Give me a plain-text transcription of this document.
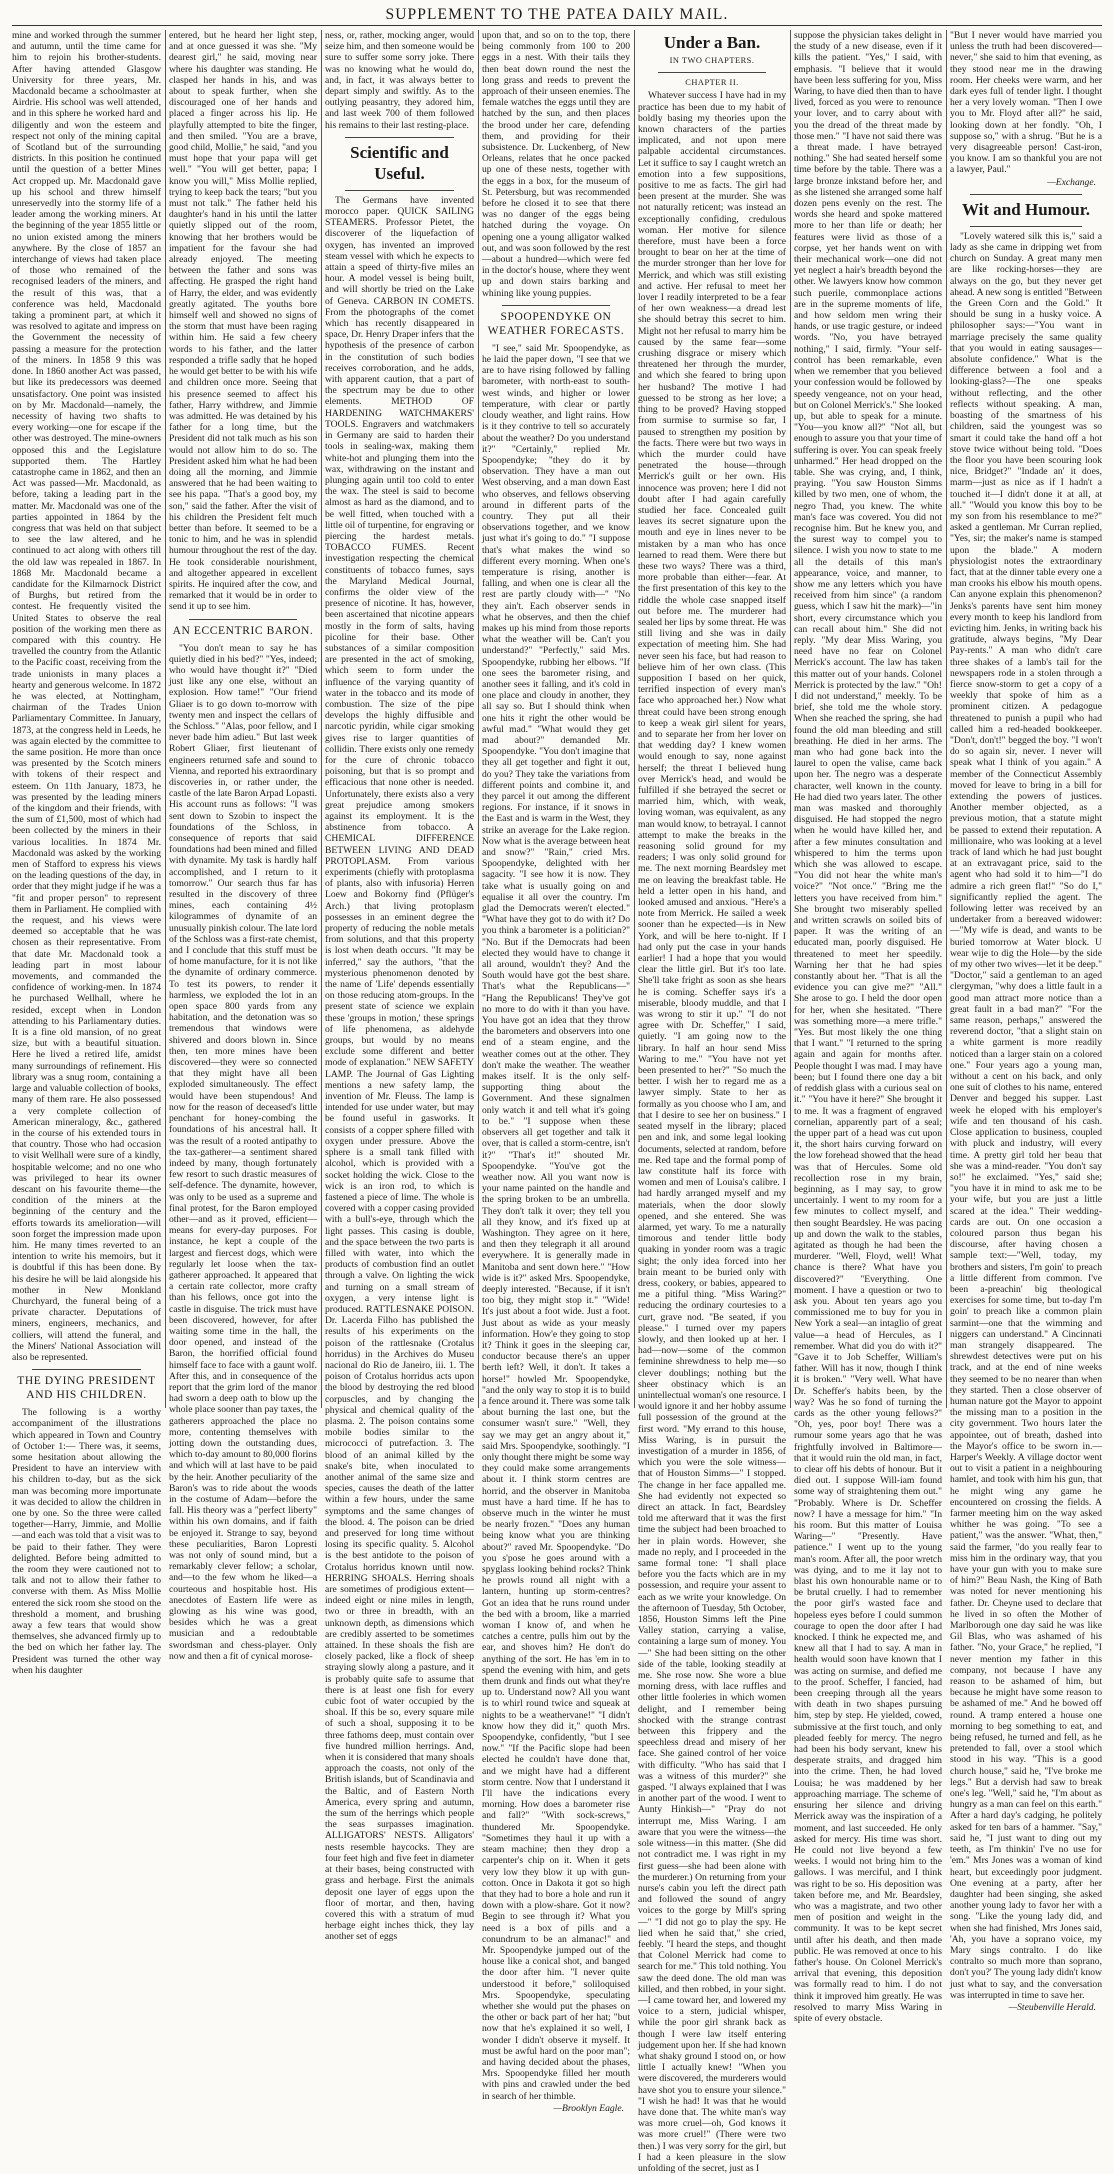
SUPPLEMENT TO THE PATEA DAILY MAIL.

mine and worked through the summer and autumn, until the time came for him to rejoin his brother-students. After having attended Glasgow University for three years, Mr. Macdonald became a schoolmaster at Airdrie. His school was well attended, and in this sphere he worked hard and diligently and won the esteem and respect not only of the mining capital of Scotland but of the surrounding districts. In this position he continued until the question of a better Mines Act cropped up. Mr. Macdonald gave up his school and threw himself unreservedly into the stormy life of a leader among the working miners. At the beginning of the year 1855 little or no union existed among the miners anywhere. By the close of 1857 an interchange of views had taken place of those who remained of the recognised leaders of the miners, and the result of this was, that a conference was held, Macdonald taking a prominent part, at which it was resolved to agitate and impress on the Government the necessity of passing a measure for the protection of the miners. In 1858 9 this was done. In 1860 another Act was passed, but like its predecessors was deemed unsatisfactory. One point was insisted on by Mr. Macdonald—namely, the necessity of having two shafts to every working—one for escape if the other was destroyed. The mine-owners opposed this and the Legislature supported them. The Hartley catastrophe came in 1862, and then an Act was passed—Mr. Macdonald, as before, taking a leading part in the matter. Mr. Macdonald was one of the parties appointed in 1864 by the congress that was held on that subject to see the law altered, and he continued to act along with others till the old law was repealed in 1867. In 1868 Mr. Macdonald became a candidate for the Kilmarnock District of Burghs, but retired from the contest. He frequently visited the United States to observe the real position of the working men there as compared with this country. He travelled the country from the Atlantic to the Pacific coast, receiving from the trade unionists in many places a hearty and generous welcome. In 1872 he was elected, at Nottingham, chairman of the Trades Union Parliamentary Committee. In January, 1873, at the congress held in Leeds, he was again elected by the committee to the same position. He more than once was presented by the Scotch miners with tokens of their respect and esteem. On 11th January, 1873, he was presented by the leading miners of the kingdom and their friends, with the sum of £1,500, most of which had been collected by the miners in their various localities. In 1874 Mr. Macdonald was asked by the working men of Stafford to express his views on the leading questions of the day, in order that they might judge if he was a "fit and proper person" to represent them in Parliament. He complied with the request, and his views were deemed so acceptable that he was chosen as their representative. From that date Mr. Macdonald took a leading part in most labour movements, and commanded the confidence of working-men. In 1874 he purchased Wellhall, where he resided, except when in London attending to his Parliamentary duties. It is a fine old mansion, of no great size, but with a beautiful situation. Here he lived a retired life, amidst many surroundings of refinement. His library was a snug room, containing a large and valuable collection of books, many of them rare. He also possessed a very complete collection of American mineralogy, &c., gathered in the course of his extended tours in that country. Those who had occasion to visit Wellhall were sure of a kindly, hospitable welcome; and no one who was privileged to hear its owner descant on his favourite theme—the condition of the miners at the beginning of the century and the efforts towards its amelioration—will soon forget the impression made upon him. He many times reverted to an intention to write his memoirs, but it is doubtful if this has been done. By his desire he will be laid alongside his mother in New Monkland Churchyard, the funeral being of a private character. Deputations of miners, engineers, mechanics, and colliers, will attend the funeral, and the Miners' National Association will also be represented.

THE DYING PRESIDENT AND HIS CHILDREN.

The following is a worthy accompaniment of the illustrations which appeared in Town and Country of October 1:— There was, it seems, some hesitation about allowing the President to have an interview with his children to-day, but as the sick man was becoming more importunate it was decided to allow the children in one by one. So the three were called together—Harry, Jimmie, and Mollie—and each was told that a visit was to be paid to their father. They were delighted. Before being admitted to the room they were cautioned not to talk and not to allow their father to converse with them. As Miss Mollie entered the sick room she stood on the threshold a moment, and brushing away a few tears that would show themselves, she advanced firmly up to the bed on which her father lay. The President was turned the other way when his daughter

entered, but he heard her light step, and at once guessed it was she. "My dearest girl," he said, moving near where his daughter was standing. He clasped her hands in his, and was about to speak further, when she discouraged one of her hands and placed a finger across his lip. He playfully attempted to bite the finger, and then smiled. "You are a brave, good child, Mollie," he said, "and you must hope that your papa will get well." "You will get better, papa; I know you will," Miss Mollie replied, trying to keep back the tears; "but you must not talk." The father held his daughter's hand in his until the latter quietly slipped out of the room, knowing that her brothers would be impatient for the favour she had already enjoyed. The meeting between the father and sons was affecting. He grasped the right hand of Harry, the elder, and was evidently greatly agitated. The youths bore himself well and showed no signs of the storm that must have been raging within him. He said a few cheery words to his father, and the latter responded a trifle sadly that he hoped he would get better to be with his wife and children once more. Seeing that his presence seemed to affect his father, Harry withdrew, and Jimmie was admitted. He was detained by his father for a long time, but the President did not talk much as his son would not allow him to do so. The President asked him what he had been doing all the morning, and Jimmie answered that he had been waiting to see his papa. "That's a good boy, my son," said the father. After the visit of his children the President felt much better than before. It seemed to be a tonic to him, and he was in splendid humour throughout the rest of the day. He took considerable nourishment, and altogether appeared in excellent spirits. He inquired after the cow, and remarked that it would be in order to send it up to see him.

AN ECCENTRIC BARON.

"You don't mean to say he has quietly died in his bed?" "Yes, indeed; who would have thought it?" "Died just like any one else, without an explosion. How tame!" "Our friend Gliaer is to go down to-morrow with twenty men and inspect the cellars of the Schloss." "Alas, poor fellow, and I never bade him adieu." But last week Robert Gliaer, first lieutenant of engineers returned safe and sound to Vienna, and reported his extraordinary discoveries in, or rather under, the castle of the late Baron Arpad Lopasti. His account runs as follows: "I was sent down to Szobin to inspect the foundations of the Schloss, in consequence of reports that said foundations had been mined and filled with dynamite. My task is hardly half accomplished, and I return to it tomorrow." Our search thus far has resulted in the discovery of three mines, each containing 4½ kilogrammes of dynamite of an unusually pinkish colour. The late lord of the Schloss was a first-rate chemist, and I conclude that this stuff must be of home manufacture, for it is not like the dynamite of ordinary commerce. To test its powers, to render it harmless, we exploded the lot in an open space 800 yards from any habitation, and the detonation was so tremendous that windows were shivered and doors blown in. Since then, ten more mines have been discovered—they were so connected that they might have all been exploded simultaneously. The effect would have been stupendous! And now for the reason of deceased's little penchant for honey-combing the foundations of his ancestral hall. It was the result of a rooted antipathy to the tax-gatherer—a sentiment shared indeed by many, though fortunately few resort to such drastic measures of self-defence. The dynamite, however, was only to be used as a supreme and final protest, for the Baron employed other—and as it proved, efficient—means for every-day purposes. For instance, he kept a couple of the largest and fiercest dogs, which were regularly let loose when the tax-gatherer approached. It appeared that a certain rate collector, more crafty than his fellows, once got into the castle in disguise. The trick must have been discovered, however, for after waiting some time in the hall, the door opened, and instead of the Baron, the horrified official found himself face to face with a gaunt wolf. After this, and in consequence of the report that the grim lord of the manor had sworn a deep oath to blow up the whole place sooner than pay taxes, the gatherers approached the place no more, contenting themselves with jotting down the outstanding dues, which to-day amount to 80,000 florins and which will at last have to be paid by the heir. Another peculiarity of the Baron's was to ride about the woods in the costume of Adam—before the fall. His theory was a "perfect liberty" within his own domains, and if faith be enjoyed it. Strange to say, beyond these peculiarities, Baron Lopresti was not only of sound mind, but a remarkably clever fellow; a scholar, and—to the few whom he liked—a courteous and hospitable host. His anecdotes of Eastern life were as glowing as his wine was good, besides which he was a great musician and a redoubtable swordsman and chess-player. Only now and then a fit of cynical morose-

ness, or, rather, mocking anger, would seize him, and then someone would be sure to suffer some sorry joke. There was no knowing what he would do, and, in fact, it was always better to depart simply and swiftly. As to the outlying peasantry, they adored him, and last week 700 of them followed his remains to their last resting-place.

Scientific and Useful.

The Germans have invented morocco paper. QUICK SAILING STEAMERS. Professor Pietet, the discoverer of the liquefaction of oxygen, has invented an improved steam vessel with which he expects to attain a speed of thirty-five miles an hour. A model vessel is being built, and will shortly be tried on the Lake of Geneva. CARBON IN COMETS. From the photographs of the comet which has recently disappeared in space, Dr. Henry Draper infers that the hypothesis of the presence of carbon in the constitution of such bodies receives corroboration, and he adds, with apparent caution, that a part of the spectrum may be due to other elements. METHOD OF HARDENING WATCHMAKERS' TOOLS. Engravers and watchmakers in Germany are said to harden their tools in sealing-wax, making them white-hot and plunging them into the wax, withdrawing on the instant and plunging again until too cold to enter the wax. The steel is said to become almost as hard as the diamond, and to be well fitted, when touched with a little oil of turpentine, for engraving or piercing the hardest metals. TOBACCO FUMES. Recent investigation respecting the chemical constituents of tobacco fumes, says the Maryland Medical Journal, confirms the older view of the presence of nicotine. It has, however, been ascertained that nicotine appears mostly in the form of salts, having picoline for their base. Other substances of a similar composition are presented in the act of smoking, which seem to form under the influence of the varying quantity of water in the tobacco and its mode of combustion. The size of the pipe develops the highly diffusible and narcotic pyridin, while cigar smoking gives rise to larger quantities of collidin. There exists only one remedy for the cure of chronic tobacco poisoning, but that is so prompt and efficacious that none other is needed. Unfortunately, there exists also a very great prejudice among smokers against its employment. It is the abstinence from tobacco. A CHEMICAL DIFFERENCE BETWEEN LIVING AND DEAD PROTOPLASM. From various experiments (chiefly with protoplasma of plants, also with infusoria) Herren Loew and Bokorny find (Pflüger's Arch.) that living protoplasm possesses in an eminent degree the property of reducing the noble metals from solutions, and that this property is lost when death occurs. "It may be inferred," say the authors, "that the mysterious phenomenon denoted by the name of 'Life' depends essentially on those reducing atom-groups. In the present state of science we explain these 'groups in motion,' these springs of life phenomena, as aldehyde groups, but would by no means exclude some different and better mode of explanation." NEW SAFETY LAMP. The Journal of Gas Lighting mentions a new safety lamp, the invention of Mr. Fleuss. The lamp is intended for use under water, but may be found useful in gasworks. It consists of a copper sphere filled with oxygen under pressure. Above the sphere is a small tank filled with alcohol, which is provided with a socket holding the wick. Close to the wick is an iron rod, to which is fastened a piece of lime. The whole is covered with a copper casing provided with a bull's-eye, through which the light passes. This casing is double, and the space between the two parts is filled with water, into which the products of combustion find an outlet through a valve. On lighting the wick and turning on a small stream of oxygen, a very intense light is produced. RATTLESNAKE POISON. Dr. Lacerda Filho has published the results of his experiments on the poison of the rattlesnake (Crotalus horridus) in the Archives do Museu nacional do Rio de Janeiro, iii. 1. The poison of Crotalus horridus acts upon the blood by destroying the red blood corpuscles, and by changing the physical and chemical quality of the plasma. 2. The poison contains some mobile bodies similar to the micrococci of putrefaction. 3. The blood of an animal killed by the snake's bite, when inoculated to another animal of the same size and species, causes the death of the latter within a few hours, under the same symptoms and the same changes of the blood. 4. The poison can be dried and preserved for long time without losing its specific quality. 5. Alcohol is the best antidote to the poison of Crotalus horridus known until now. HERRING SHOALS. Herring shoals are sometimes of prodigious extent—indeed eight or nine miles in length, two or three in breadth, with an unknown depth, as dimensions which are credibly asserted to be sometimes attained. In these shoals the fish are closely packed, like a flock of sheep straying slowly along a pasture, and it is probably quite safe to assume that there is at least one fish for every cubic foot of water occupied by the shoal. If this be so, every square mile of such a shoal, supposing it to be three fathoms deep, must contain over five hundred million herrings. And, when it is considered that many shoals approach the coasts, not only of the British islands, but of Scandinavia and the Baltic, and of Eastern North America, every spring and autumn, the sum of the herrings which people the seas surpasses imagination. ALLIGATORS' NESTS. Alligators' nests resemble haycocks. They are four feet high and five feet in diameter at their bases, being constructed with grass and herbage. First the animals deposit one layer of eggs upon the floor of mortar, and then, having covered this with a stratum of mud herbage eight inches thick, they lay another set of eggs

upon that, and so on to the top, there being commonly from 100 to 200 eggs in a nest. With their tails they then beat down round the nest the long grass and reeds to prevent the approach of their unseen enemies. The female watches the eggs until they are hatched by the sun, and then places the brood under her care, defending them, and providing for their subsistence. Dr. Luckenberg, of New Orleans, relates that he once packed up one of these nests, together with the eggs in a box, for the museum of St. Petersburg, but was recommended before he closed it to see that there was no danger of the eggs being hatched during the voyage. On opening one a young alligator walked out, and was soon followed by the rest—about a hundred—which were fed in the doctor's house, where they went up and down stairs barking and whining like young puppies.

SPOOPENDYKE ON WEATHER FORECASTS.

"I see," said Mr. Spoopendyke, as he laid the paper down, "I see that we are to have rising followed by falling barometer, with north-east to south-west winds, and higher or lower temperature, with clear or partly cloudy weather, and light rains. How is it they contrive to tell so accurately about the weather? Do you understand it?" "Certainly," replied Mr. Spoopendyke; "they do it by observation. They have a man out West observing, and a man down East who observes, and fellows observing around in different parts of the country. They put all their observations together, and we know just what it's going to do." "I suppose that's what makes the wind so different every morning. When one's temperature is rising, another is falling, and when one is clear all the rest are partly cloudy with—" "No they ain't. Each observer sends in what he observes, and then the chief makes up his mind from those reports what the weather will be. Can't you understand?" "Perfectly," said Mrs. Spoopendyke, rubbing her elbows. "If one sees the barometer rising, and another sees it falling, and it's cold in one place and cloudy in another, they all say so. But I should think when one hits it right the other would be awful mad." "What would they get mad about?" demanded Mr. Spoopendyke. "You don't imagine that they all get together and fight it out, do you? They take the variations from different points and combine it, and they parcel it out among the different regions. For instance, if it snows in the East and is warm in the West, they strike an average for the Lake region. Now what is the average between heat and snow?" "Rain," cried Mrs. Spoopendyke, delighted with her sagacity. "I see how it is now. They take what is usually going on and equalise it all over the country. I'm glad the Democrats weren't elected." "What have they got to do with it? Do you think a barometer is a politician?" "No. But if the Democrats had been elected they would have to change it all around, wouldn't they? And the South would have got the best share. That's what the Republicans—" "Hang the Republicans! They've got no more to do with it than you have. You have got an idea that they throw the barometers and observers into one end of a steam engine, and the weather comes out at the other. They don't make the weather. The weather makes itself. It is the only self-supporting thing about the Government. And these signalmen only watch it and tell what it's going to be." "I suppose when these observers all get together and talk it over, that is called a storm-centre, isn't it?" "That's it!" shouted Mr. Spoopendyke. "You've got the weather now. All you want now is your name painted on the handle and the spring broken to be an umbrella. They don't talk it over; they tell you all they know, and it's fixed up at Washington. They agree on it here, and then they telegraph it all around everywhere. It is generally made in Manitoba and sent down here." "How wide is it?" asked Mrs. Spoopendyke, deeply interested. "Because, if it isn't too big, they might stop it." "Wide! It's just about a foot wide. Just a foot. Just about as wide as your measly information. How'e they going to stop it? Think it goes in the sleeping car, conductor because there's an upper berth left? Well, it don't. It takes a horse!" howled Mr. Spoopendyke, "and the only way to stop it is to build a fence around it. There was some talk about burning the last one, but the consumer wasn't sure." "Well, they say we may get an angry about it," said Mrs. Spoopendyke, soothingly. "I only thought there might be some way they could make some arrangements about it. I think storm centres are horrid, and the observer in Manitoba must have a hard time. If he has to observe much in the winter he must be nearly frozen." "Does any human being know what you are thinking about?" raved Mr. Spoopendyke. "Do you s'pose he goes around with a spyglass looking behind rocks? Think he prowls round all night with a lantern, hunting up storm-centres? Got an idea that he runs round under the bed with a broom, like a married woman I know of, and when he catches a centre, pulls him out by the ear, and shoves him? He don't do anything of the sort. He has 'em in to spend the evening with him, and gets them drunk and finds out what they're up to. Understand now? All you want is to whirl round twice and squeak at nights to be a weathervane!" "I didn't know how they did it," quoth Mrs. Spoopendyke, confidently, "but I see now." "If the Pacific slope had been elected he couldn't have done that, and we might have had a different storm centre. Now that I understand it I'll have the indications every morning. How does a barometer rise and fall?" "With sock-screws," thundered Mr. Spoopendyke. "Sometimes they haul it up with a steam machine; then they drop a carpenter's chip on it. When it gets very low they blow it up with gun-cotton. Once in Dakota it got so high that they had to bore a hole and run it down with a plow-share. Got it now? Begin to see through it? What you need is a box of pills and a conundrum to be an almanac!" and Mr. Spoopendyke jumped out of the house like a conical shot, and banged the door after him. "I never quite understood it before," soliloquised Mrs. Spoopendyke, speculating whether she would put the phases on the other or back part of her hat; "but now that he's explained it so well, I wonder I didn't observe it myself. It must be awful hard on the poor man"; and having decided about the phases, Mrs. Spoopendyke filled her mouth with pins and crawled under the bed in search of her thimble.

—Brooklyn Eagle.
Under a Ban.
IN TWO CHAPTERS.
CHAPTER II.

Whatever success I have had in my practice has been due to my habit of boldly basing my theories upon the known characters of the parties implicated, and not upon mere palpable accidental circumstances. Let it suffice to say I caught wretch an emotion into a few suppositions, positive to me as facts. The girl had been present at the murder. She was not naturally reticent; was instead an exceptionally confiding, credulous woman. Her motive for silence therefore, must have been a force brought to bear on her at the time of the murder stronger than her love for Merrick, and which was still existing and active. Her refusal to meet her lover I readily interpreted to be a fear of her own weakness—a dread lest she should betray this secret to him. Might not her refusal to marry him be caused by the same fear—some crushing disgrace or misery which threatened her through the murder, and which she feared to bring upon her husband? The motive I had guessed to be strong as her love; a thing to be proved? Having stopped from surmise to surmise so far, I paused to strengthen my position by the facts. There were but two ways in which the murder could have penetrated the house—through Merrick's guilt or her own. His innocence was proven; here I did not doubt after I had again carefully studied her face. Concealed guilt leaves its secret signature upon the mouth and eye in lines never to be mistaken by a man who has once learned to read them. Were there but these two ways? There was a third, more probable than either—fear. At the first presentation of this key to the riddle the whole case snapped itself out before me. The murderer had sealed her lips by some threat. He was still living and she was in daily expectation of meeting him. She had never seen his face, but had reason to believe him of her own class. (This supposition I based on her quick, terrified inspection of every man's face who approached her.) Now what threat could have been strong enough to keep a weak girl silent for years, and to separate her from her lover on that wedding day? I knew women would enough to say, none against herself; the threat I believed hung over Merrick's head, and would be fulfilled if she betrayed the secret or married him, which, with weak, loving woman, was equivalent, as any man would know, to betrayal. I cannot attempt to make the breaks in the reasoning solid ground for my readers; I was only solid ground for me. The next morning Beardsley met me on leaving the breakfast table. He held a letter open in his hand, and looked amused and anxious. "Here's a note from Merrick. He sailed a week sooner than he expected—is in New York, and will be here to-night. If I had only put the case in your hands earlier! I had a hope that you would clear the little girl. But it's too late. She'll take fright as soon as she hears he is coming. Scheffer says it's a miserable, bloody muddle, and that I was wrong to stir it up." "I do not agree with Dr. Scheffer," I said, quietly. "I am going now to the library. In half an hour send Miss Waring to me." "You have not yet been presented to her?" "So much the better. I wish her to regard me as a lawyer simply. State to her as formally as you choose who I am, and that I desire to see her on business." I seated myself in the library; placed pen and ink, and some legal looking documents, selected at random, before me. Red tape and the formal pomp of law constitute half its force with women and men of Louisa's calibre. I had hardly arranged myself and my materials, when the door slowly opened, and she entered. She was alarmed, yet wary. To me a naturally timorous and tender little body quaking in yonder room was a tragic sight; the only idea forced into her brain meant to be buried only with dress, cookery, or babies, appeared to me a pitiful thing. "Miss Waring?" reducing the ordinary courtesies to a curt, grave nod. "Be seated, if you please." I turned over my papers slowly, and then looked up at her. I had—now—some of the common feminine shrewdness to help me—so clever doublings; nothing but the sheer obstinacy which is an unintellectual woman's one resource. I would ignore it and her hobby assume full possession of the ground at the first word. "My errand to this house, Miss Waring, is in pursuit the investigation of a murder in 1856, of which you were the sole witness—that of Houston Simms—" I stopped. The change in her face appalled me. She had evidently not expected so direct an attack. In fact, Beardsley told me afterward that it was the first time the subject had been broached to her in plain words. However, she made no reply, and I proceeded in the same formal tone: "I shall place before you the facts which are in my possession, and require your assent to each as we write your knowledge. On the afternoon of Tuesday, 5th October, 1856, Houston Simms left the Pine Valley station, carrying a valise, containing a large sum of money. You—" She had been sitting on the other side of the table, looking steadily at me. She rose now. She wore a blue morning dress, with lace ruffles and other little fooleries in which women delight, and I remember being shocked with the strange contrast between this frippery and the speechless dread and misery of her face. She gained control of her voice with difficulty. "Who has said that I was a witness of this murder?" she gasped. "I always explained that I was in another part of the wood. I went to Aunty Hinkish—" "Pray do not interrupt me, Miss Waring. I am aware that you were the witness—the sole witness—in this matter. (She did not contradict me. I was right in my first guess—she had been alone with the murderer.) On returning from your nurse's cabin you left the direct path and followed the sound of angry voices to the gorge by Mill's spring—" "I did not go to play the spy. He lied when he said that," she cried, feebly. "I heard the steps, and thought that Colonel Merrick had come to search for me." This told nothing. You saw the deed done. The old man was killed, and then robbed, in your sight.—I came toward her, and lowered my voice to a stern, judicial whisper, while the poor girl shrank back as though I were law itself entering judgement upon her. If she had known what shaky ground I stood on, or how little I actually knew! "When you were discovered, the murderers would have shot you to ensure your silence." "I wish he had! It was that he would have done that. The white man's way was more cruel—oh, God knows it was more cruel!" (There were two then.) I was very sorry for the girl, but I had a keen pleasure in the slow unfolding of the secret, just as I

suppose the physician takes delight in the study of a new disease, even if it kills the patient. "Yes," I said, with emphasis. "I believe that it would have been less suffering for you, Miss Waring, to have died then than to have lived, forced as you were to renounce your lover, and to carry about with you the dread of the threat made by those men." "I have not said there was a threat made. I have betrayed nothing." She had seated herself some time before by the table. There was a large bronze inkstand before her, and as she listened she arranged some half dozen pens evenly on the rest. The words she heard and spoke mattered more to her than life or death; her features were livid as those of a corpse, yet her hands went on with their mechanical work—one did not yet neglect a hair's breadth beyond the other. We lawyers know how common such puerile, commonplace actions are in the supreme moments of life, and how seldom men wring their hands, or use tragic gesture, or indeed words. "No, you have betrayed nothing," I said, firmly. "Your self-control has been remarkable, even when we remember that you believed your confession would be followed by speedy vengeance, not on your head, but on Colonel Merrick's." She looked up, but able to speak for a minute. "You—you know all?" "Not all, but enough to assure you that your time of suffering is over. You can speak freely unharmed." Her head dropped on the table. She was crying, and, I think, praying. "You saw Houston Simms killed by two men, one of whom, the negro Thad, you knew. The white man's face was covered. You did not recognise him. But he knew you, and the surest way to compel you to silence. I wish you now to state to me all the details of this man's appearance, voice, and manner, to show me any letters which you have received from him since" (a random guess, which I saw hit the mark)—"in short, every circumstance which you can recall about him." She did not reply. "My dear Miss Waring, you need have no fear on Colonel Merrick's account. The law has taken this matter out of your hands. Colonel Merrick is protected by the law." "Oh! I did not understand," meekly. To be brief, she told me the whole story. When she reached the spring, she had found the old man bleeding and still breathing. He died in her arms. The man who had gone back into the laurel to open the valise, came back upon her. The negro was a desperate character, well known in the county. He had died two years later. The other man was masked and thoroughly disguised. He had stopped the negro when he would have killed her, and after a few minutes consultation and whispered to him the terms upon which she was allowed to escape. "You did not hear the white man's voice?" "Not once." "Bring me the letters you have received from him." She brought two miserably spelled and written scrawls on soiled bits of paper. It was the writing of an educated man, poorly disguised. He threatened to meet her speedily. Warning her that he had spies constantly about her. "That is all the evidence you can give me?" "All." She arose to go. I held the door open for her, when she hesitated. "There was something more—a mere trifle." "Yes. But most likely the one thing that I want." "I returned to the spring again and again for months after. People thought I was mad. I may have been; but I found there one day a bit of reddish glass with a curious seal on it." "You have it here?" She brought it to me. It was a fragment of engraved cornelian, apparently part of a seal; the upper part of a head was cut upon it, the short hairs curving forward on the low forehead showed that the head was that of Hercules. Some old recollection rose in my brain, beginning, as I may say, to grow uncertainly. I went to my room for a few minutes to collect myself, and then sought Beardsley. He was pacing up and down the walk to the stables, agitated as though he had been the murderer. "Well, Floyd, well! What chance is there? What have you discovered?" "Everything. One moment. I have a question or two to ask you. About ten years ago you commissioned me to buy for you in New York a seal—an intaglio of great value—a head of Hercules, as I remember. What did you do with it?" "Gave it to Job Scheffer, William's father. Will has it now, though I think it is broken." "Very well. What have Dr. Scheffer's habits been, by the way? Was he so fond of turning the cards as the other young fellows?" "Oh, yes, poor boy! There was a rumour some years ago that he was frightfully involved in Baltimore—that it would ruin the old man, in fact, to clear off his debts of honour. But it died out. I suppose Will-iam found some way of straightening them out." "Probably. Where is Dr. Scheffer now? I have a message for him." "In his room. But this matter of Louisa Waring—" "Presently. Have patience." I went up to the young man's room. After all, the poor wretch was dying, and to me it lay not to blast his own honourable name or to be brutal cruelly. I had to remember the poor girl's wasted face and hopeless eyes before I could summon courage to open the door after I had knocked. I think he expected me, and knew all that I had to say. A man in health would soon have known that I was acting on surmise, and defied me to the proof. Scheffer, I fancied, had been creeping through all the years with death in two shapes pursuing him, step by step. He yielded, cowed, submissive at the first touch, and only pleaded feebly for mercy. The negro had been his body servant, knew his desperate straits, and dragged him into the crime. Then, he had loved Louisa; he was maddened by her approaching marriage. The scheme of ensuring her silence and driving Merrick away was the inspiration of a moment, and last succeeded. He only asked for mercy. His time was short. He could not live beyond a few weeks. I would not bring him to the gallows. I was merciful, and I think was right to be so. His deposition was taken before me, and Mr. Beardsley, who was a magistrate, and two other men of position and weight in the community. It was to be kept secret until after his death, and then made public. He was removed at once to his father's house. On Colonel Merrick's arrival that evening, this deposition was formally read to him. I do not think it improved him greatly. He was resolved to marry Miss Waring in spite of every obstacle.

"But I never would have married you unless the truth had been discovered—never," she said to him that evening, as they stood near me in the drawing room. Her cheeks were warm, and her dark eyes full of tender light. I thought her a very lovely woman. "Then I owe you to Mr. Floyd after all?" he said, looking down at her fondly. "Oh, I suppose so," with a shrug. "But he is a very disagreeable person! Cast-iron, you know. I am so thankful you are not a lawyer, Paul."

—Exchange.
Wit and Humour.

"Lovely watered silk this is," said a lady as she came in dripping wet from church on Sunday. A great many men are like rocking-horses—they are always on the go, but they never get ahead. A new song is entitled "Between the Green Corn and the Gold." It should be sung in a husky voice. A philosopher says:—"You want in marriage precisely the same quality that you would in eating sausages—absolute confidence." What is the difference between a fool and a looking-glass?—The one speaks without reflecting, and the other reflects without speaking. A man, boasting of the smartness of his children, said the youngest was so smart it could take the hand off a hot stove twice without being told. "Does the floor you have been scouring look nice, Bridget?" "Indade an' it does, marm—just as nice as if I hadn't a touched it—I didn't done it at all, at all." "Would you know this boy to be my son from his resemblance to me?" asked a gentleman. Mr Curran replied, "Yes, sir; the maker's name is stamped upon the blade." A modern physiologist notes the extraordinary fact, that at the dinner table every one a man crooks his elbow his mouth opens. Can anyone explain this phenomenon? Jenks's parents have sent him money every month to keep his landlord from evicting him. Jenks, in writing back his gratitude, always begins, "My Dear Pay-rents." A man who didn't care three shakes of a lamb's tail for the newspapers rode in a stolen through a fierce snow-storm to get a copy of a weekly that spoke of him as a prominent citizen. A pedagogue threatened to punish a pupil who had called him a red-headed bookkeeper. "Don't, don't!" begged the boy. "I won't do so again sir, never. I never will speak what I think of you again." A member of the Connecticut Assembly moved for leave to bring in a bill for extending the powers of justices. Another member objected, as a previous motion, that a statute might be passed to extend their reputation. A millionaire, who was looking at a level track of land which he had just bought at an extravagant price, said to the agent who had sold it to him—"I do admire a rich green flat!" "So do I," significantly replied the agent. The following letter was received by an undertaker from a bereaved widower:—"My wife is dead, and wants to be buried tomorrow at Water block. U wear wije to dig the Hole—by the side of my other two wives—let it be deep." "Doctor," said a gentleman to an aged clergyman, "why does a little fault in a good man attract more notice than a great fault in a bad man?" "For the same reason, perhaps," answered the reverend doctor, "that a slight stain on a white garment is more readily noticed than a larger stain on a colored one." Four years ago a young man, without a cent on his back, and only one suit of clothes to his name, entered Denver and begged his supper. Last week he eloped with his employer's wife and ten thousand of his cash. Close application to business, coupled with pluck and industry, will every time. A pretty girl told her beau that she was a mind-reader. "You don't say so!" he exclaimed. "Yes," said she; "you have it in mind to ask me to be your wife, but you are just a little scared at the idea." Their wedding-cards are out. On one occasion a coloured parson thus began his discourse, after having chosen a sample text:—"Well, today, my brothers and sisters, I'm goin' to preach a little different from common. I've been a-preachin' big theological exercises for some time, but to-day I'm goin' to preach like a common plain sarmint—one that the wimming and niggers can understand." A Cincinnati man strangely disappeared. The shrewdest detectives were put on his track, and at the end of nine weeks they seemed to be no nearer than when they started. Then a close observer of human nature got the Mayor to appoint the missing man to a position in the city government. Two hours later the appointee, out of breath, dashed into the Mayor's office to be sworn in.—Harper's Weekly. A village doctor went out to visit a patient in a neighbouring hamlet, and took with him his gun, that he might wing any game he encountered on crossing the fields. A farmer meeting him on the way asked whither he was going. "To see a patient," was the answer. "What, then," said the farmer, "do you really fear to miss him in the ordinary way, that you have your gun with you to make sure of him?" Beau Nash, the King of Bath was noted for never mentioning his father. Dr. Cheyne used to declare that he lived in so often the Mother of Marlborough one day said he was like Gil Blas, who was ashamed of his father. "No, your Grace," he replied, "I never mention my father in this company, not because I have any reason to be ashamed of him, but because he might have some reason to be ashamed of me." And he bowed off round. A tramp entered a house one morning to beg something to eat, and being refused, he turned and fell, as he pretended to fall, over a stool which stood in his way. "This is a good church house," said he, "I've broke me legs." But a dervish had saw to break one's leg. "Well," said he, "I'm about as hungry as a man can feel on this earth." After a hard day's cadging, he politely asked for ten bars of a hammer. "Say," said he, "I just want to ding out my teeth, as I'm thinkin' I've no use for 'em." Mrs Jones was a woman of kind heart, but exceedingly poor judgment. One evening at a party, after her daughter had been singing, she asked another young lady to favor her with a song. "Like the young lady did, and when she had finished, Mrs Jones said, 'Ah, you have a soprano voice, my Mary sings contralto. I do like contralto so much more than soprano, don't you?' The young lady didn't know just what to say, and the conversation was interrupted in time to save her.

—Steubenville Herald.
